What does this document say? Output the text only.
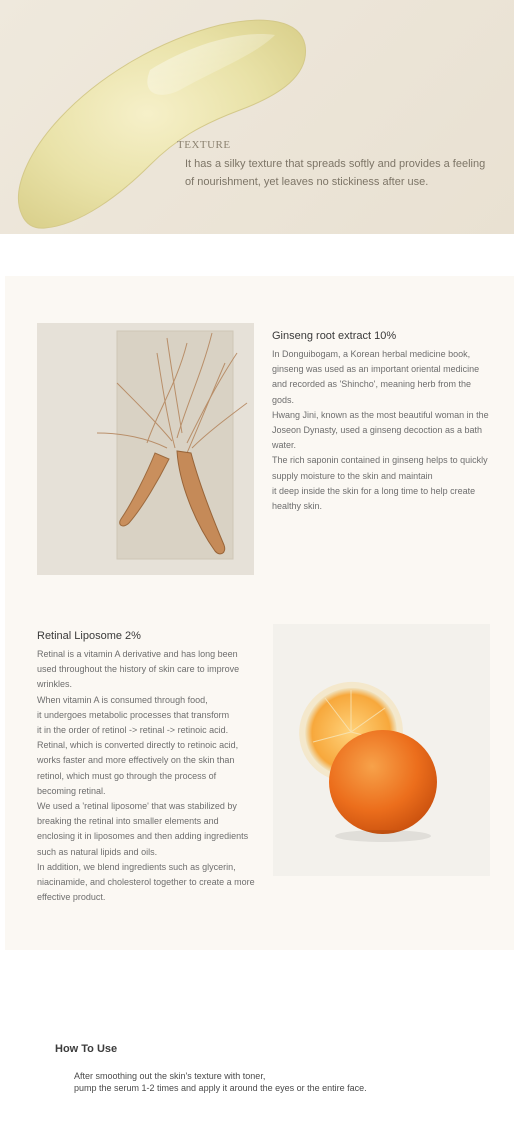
TEXTURE
It has a silky texture that spreads softly and provides a feeling of nourishment, yet leaves no stickiness after use.
Ginseng root extract 10%

In Donguibogam, a Korean herbal medicine book, ginseng was used as an important oriental medicine and recorded as 'Shincho', meaning herb from the gods.

Hwang Jini, known as the most beautiful woman in the Joseon Dynasty, used a ginseng decoction as a bath water.

The rich saponin contained in ginseng helps to quickly supply moisture to the skin and maintain

it deep inside the skin for a long time to help create healthy skin.

Retinal Liposome 2%

Retinal is a vitamin A derivative and has long been used throughout the history of skin care to improve wrinkles.

When vitamin A is consumed through food,

it undergoes metabolic processes that transform

it in the order of retinol -> retinal -> retinoic acid.

Retinal, which is converted directly to retinoic acid, works faster and more effectively on the skin than retinol, which must go through the process of becoming retinal.

We used a 'retinal liposome' that was stabilized by breaking the retinal into smaller elements and enclosing it in liposomes and then adding ingredients such as natural lipids and oils.

In addition, we blend ingredients such as glycerin, niacinamide, and cholesterol together to create a more effective product.

How To Use

After smoothing out the skin's texture with toner,

pump the serum 1-2 times and apply it around the eyes or the entire face.
